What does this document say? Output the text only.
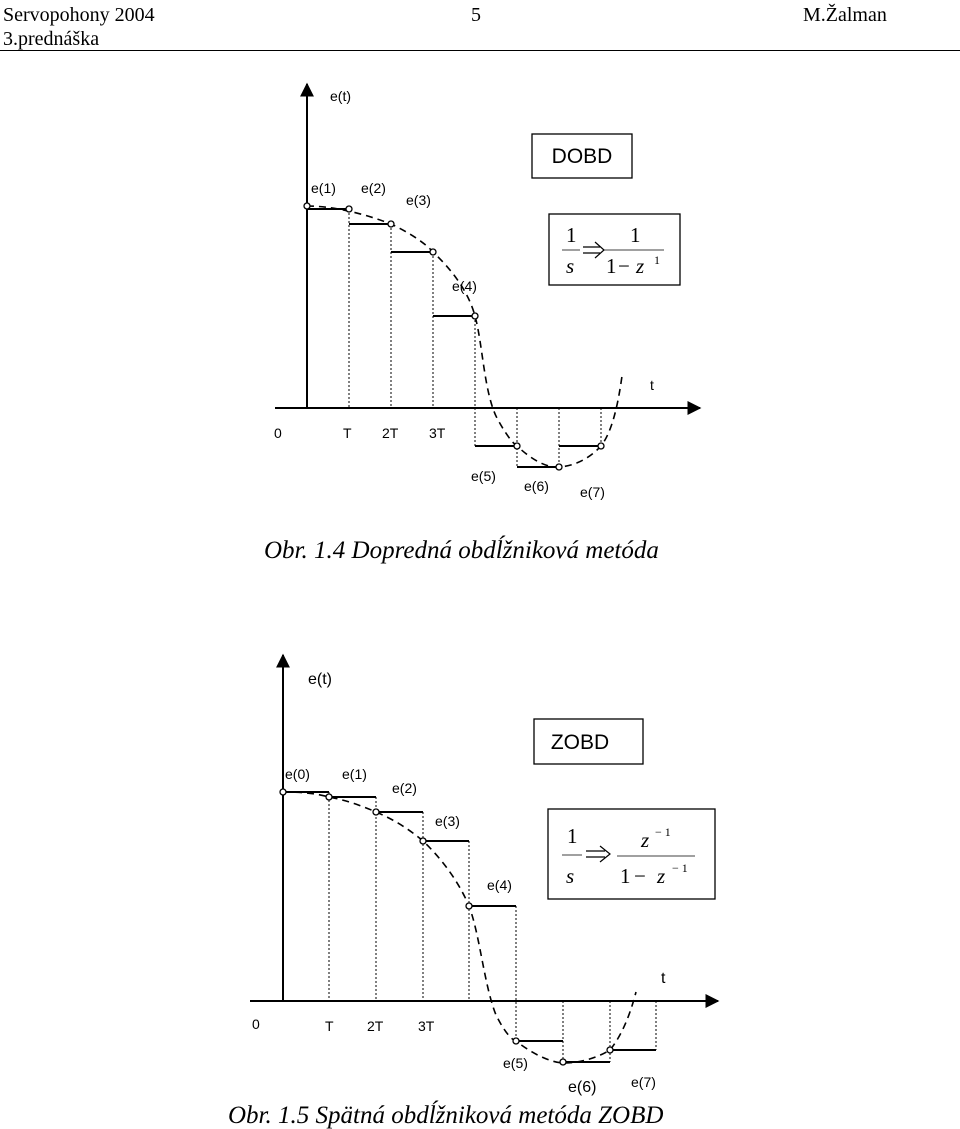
Servopohony 2004	5	M.Žalman
3.prednáška
e(t)
t
0	T 2T 3T
e(1) e(2)
e(3)
e(4)
e(5)
e(6) e(7)
DOBD
1
s
1
1 − z 1
Obr. 1.4 Dopredná obdĺžniková metóda
e(t)
t
0	T 2T 3T
e(0) e(1)
e(2)
e(3)
e(4)
e(5)
e(6) e(7)
ZOBD
1
s
z − 1
1 − z − 1
Obr. 1.5 Spätná obdĺžniková metóda ZOBD
